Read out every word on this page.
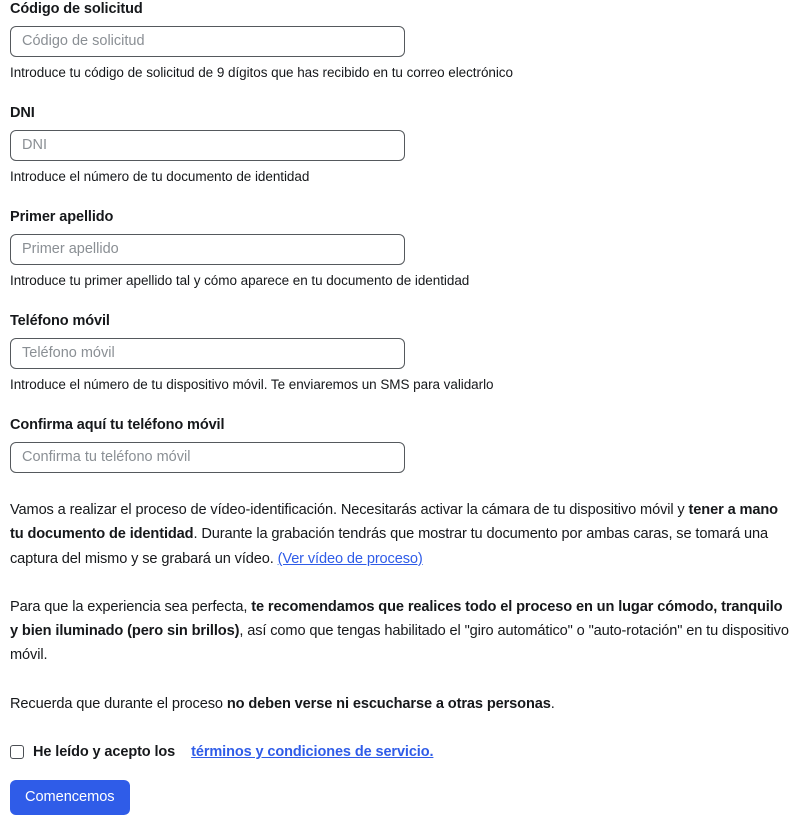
Código de solicitud
Código de solicitud
Introduce tu código de solicitud de 9 dígitos que has recibido en tu correo electrónico
DNI
DNI
Introduce el número de tu documento de identidad
Primer apellido
Primer apellido
Introduce tu primer apellido tal y cómo aparece en tu documento de identidad
Teléfono móvil
Teléfono móvil
Introduce el número de tu dispositivo móvil. Te enviaremos un SMS para validarlo
Confirma aquí tu teléfono móvil
Confirma tu teléfono móvil

Vamos a realizar el proceso de vídeo-identificación. Necesitarás activar la cámara de tu dispositivo móvil y tener a mano tu documento de identidad. Durante la grabación tendrás que mostrar tu documento por ambas caras, se tomará una captura del mismo y se grabará un vídeo. (Ver vídeo de proceso)

Para que la experiencia sea perfecta, te recomendamos que realices todo el proceso en un lugar cómodo, tranquilo y bien iluminado (pero sin brillos), así como que tengas habilitado el "giro automático" o "auto-rotación" en tu dispositivo móvil.

Recuerda que durante el proceso no deben verse ni escucharse a otras personas.

He leído y acepto los términos y condiciones de servicio.
Comencemos
